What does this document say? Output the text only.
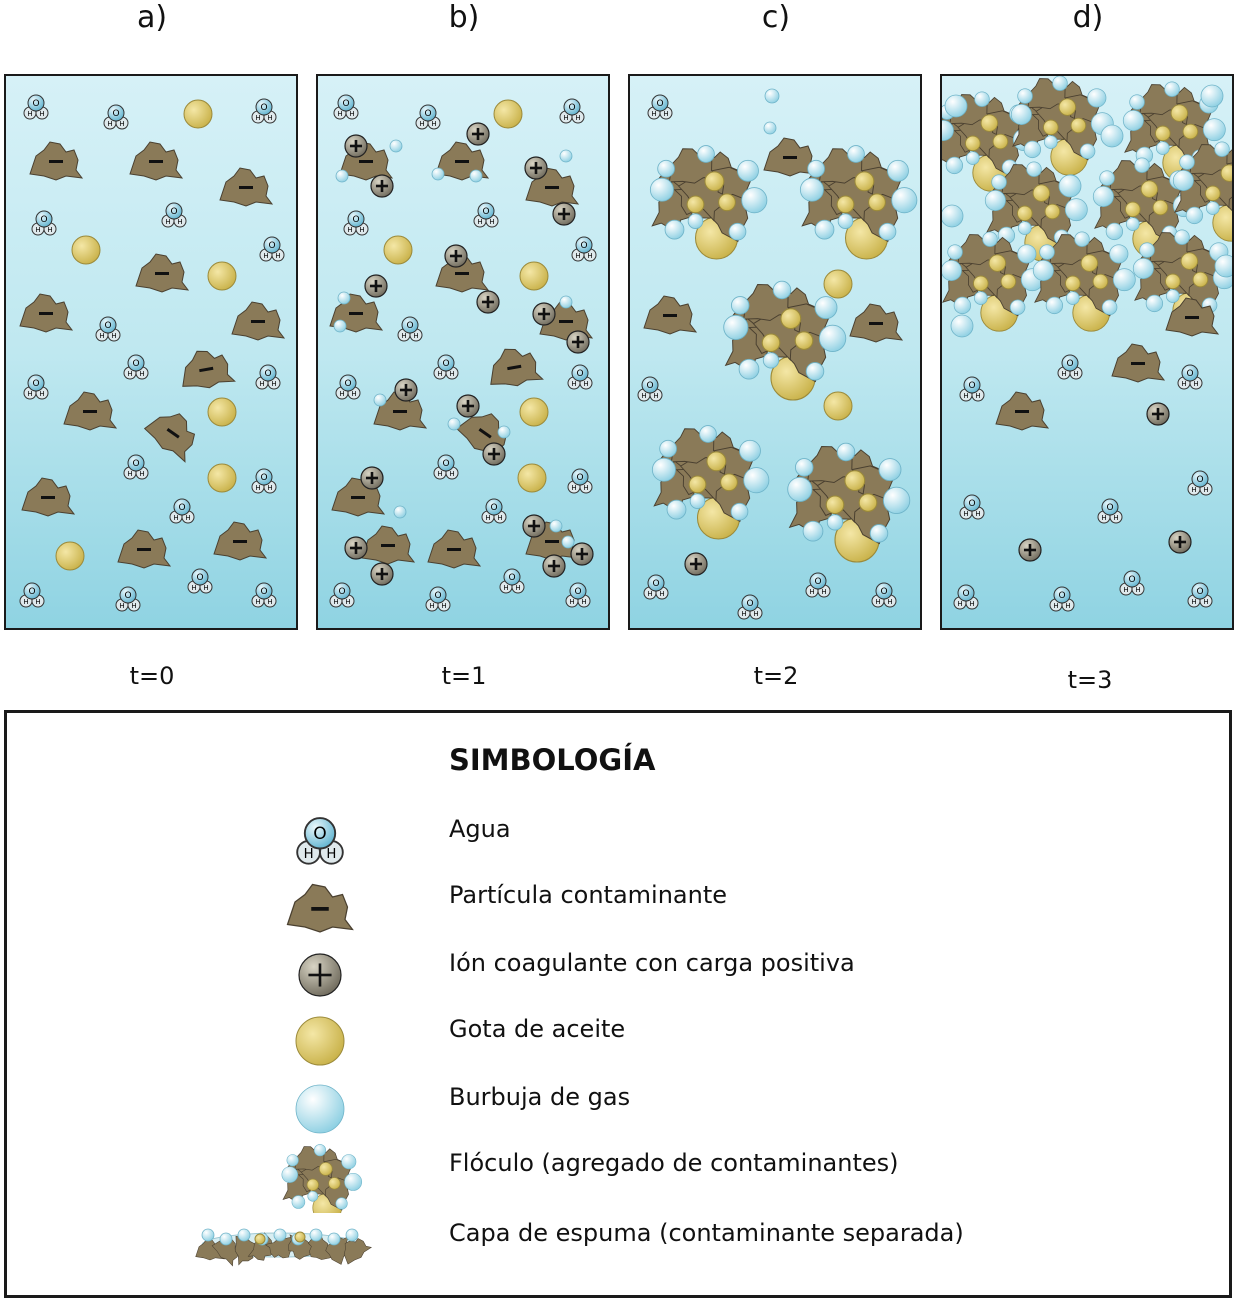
a)	b)	c)	d)
O
H H	O
H H
O
H H
O
H H
O
H H
O
H H
O
H H
O
H H
O
H H
O
H H
O
H H
O
H H
O
H H
O
H H
O
H H
O
H H	O
H H
O
H H	O
H H
O
H H
O
H H
O
H H
O
H H
O
H H
O
H H
O
H H
O
H H
O
H H
O
H H
O
H H
O
H H
O
H H
O
H H	O
H H
O
H H
O
H H
O
H H
O
H H
O
H H	O
H H
O
H H
O
H H
O
H H
O
H H
O
H H
O
H H
O
H H
O
H H
O
H H	O
H H
t=0	t=1	t=2	t=3
SIMBOLOGÍA
O
H H
Agua
Partícula contaminante
Ión coagulante con carga positiva
Gota de aceite
Burbuja de gas
Flóculo (agregado de contaminantes)
Capa de espuma (contaminante separada)
